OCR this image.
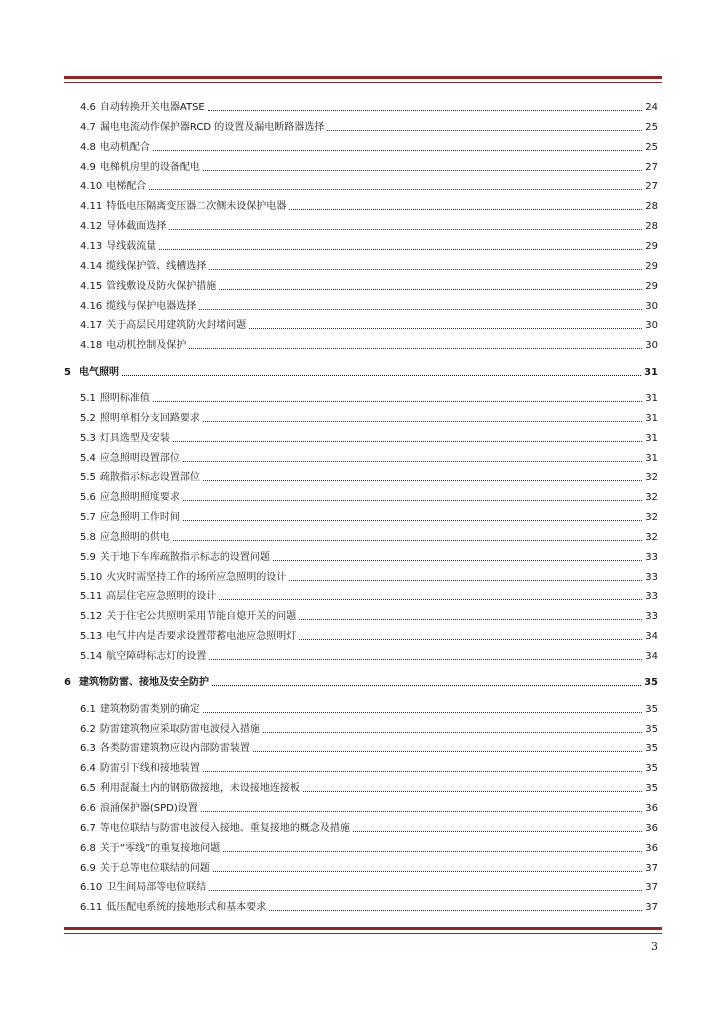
4.6 自动转换开关电器ATSE	24
4.7 漏电电流动作保护器RCD 的设置及漏电断路器选择	25
4.8 电动机配合	25
4.9 电梯机房里的设备配电	27
4.10 电梯配合	27
4.11 特低电压隔离变压器二次侧未设保护电器	28
4.12 导体截面选择	28
4.13 导线载流量	29
4.14 缆线保护管、线槽选择	29
4.15 管线敷设及防火保护措施	29
4.16 缆线与保护电器选择	30
4.17 关于高层民用建筑防火封堵问题	30
4.18 电动机控制及保护	30
5 电气照明	31
5.1 照明标准值	31
5.2 照明单相分支回路要求	31
5.3 灯具选型及安装	31
5.4 应急照明设置部位	31
5.5 疏散指示标志设置部位	32
5.6 应急照明照度要求	32
5.7 应急照明工作时间	32
5.8 应急照明的供电	32
5.9 关于地下车库疏散指示标志的设置问题	33
5.10 火灾时需坚持工作的场所应急照明的设计	33
5.11 高层住宅应急照明的设计	33
5.12 关于住宅公共照明采用节能自熄开关的问题	33
5.13 电气井内是否要求设置带蓄电池应急照明灯	34
5.14 航空障碍标志灯的设置	34
6 建筑物防雷、接地及安全防护	35
6.1 建筑物防雷类别的确定	35
6.2 防雷建筑物应采取防雷电波侵入措施	35
6.3 各类防雷建筑物应设内部防雷装置	35
6.4 防雷引下线和接地装置	35
6.5 利用混凝土内的钢筋做接地，未设接地连接板	35
6.6 浪涌保护器(SPD)设置	36
6.7 等电位联结与防雷电波侵入接地、重复接地的概念及措施	36
6.8 关于“零线”的重复接地问题	36
6.9 关于总等电位联结的问题	37
6.10 卫生间局部等电位联结	37
6.11 低压配电系统的接地形式和基本要求	37
3
